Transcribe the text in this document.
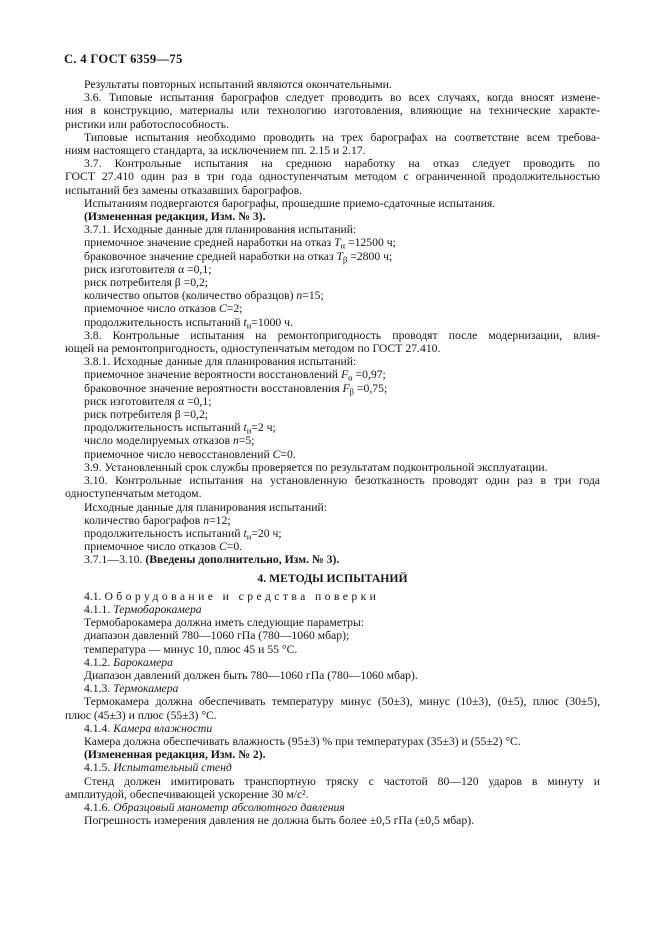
С. 4 ГОСТ 6359—75
Результаты повторных испытаний являются окончательными.
3.6. Типовые испытания барографов следует проводить во всех случаях, когда вносят измене-
ния в конструкцию, материалы или технологию изготовления, влияющие на технические характе-
ристики или работоспособность.
Типовые испытания необходимо проводить на трех барографах на соответствие всем требова-
ниям настоящего стандарта, за исключением пп. 2.15 и 2.17.
3.7. Контрольные испытания на среднюю наработку на отказ следует проводить по
ГОСТ 27.410 один раз в три года одноступенчатым методом с ограниченной продолжительностью
испытаний без замены отказавших барографов.
Испытаниям подвергаются барографы, прошедшие приемо-сдаточные испытания.
(Измененная редакция, Изм. № 3).
3.7.1. Исходные данные для планирования испытаний:
приемочное значение средней наработки на отказ $T_\alpha =12500$ ч;
браковочное значение средней наработки на отказ $T_\beta =2800$ ч;
риск изготовителя α =0,1;
риск потребителя β =0,2;
количество опытов (количество образцов) n=15;
приемочное число отказов C=2;
продолжительность испытаний $t_и=1000$ ч.
3.8. Контрольные испытания на ремонтопригодность проводят после модернизации, влия-
ющей на ремонтопригодность, одноступенчатым методом по ГОСТ 27.410.
3.8.1. Исходные данные для планирования испытаний:
приемочное значение вероятности восстановлений $F_\alpha =0,97$;
браковочное значение вероятности восстановления $F_\beta =0,75$;
риск изготовителя α =0,1;
риск потребителя β =0,2;
продолжительность испытаний $t_и=2$ ч;
число моделируемых отказов n=5;
приемочное число невосстановлений C=0.
3.9. Установленный срок службы проверяется по результатам подконтрольной эксплуатации.
3.10. Контрольные испытания на установленную безотказность проводят один раз в три года
одноступенчатым методом.
Исходные данные для планирования испытаний:
количество барографов n=12;
продолжительность испытаний $t_и=20$ ч;
приемочное число отказов C=0.
3.7.1—3.10. (Введены дополнительно, Изм. № 3).
4. МЕТОДЫ ИСПЫТАНИЙ
4.1. Оборудование и средства поверки
4.1.1. Термобарокамера
Термобарокамера должна иметь следующие параметры:
диапазон давлений 780—1060 гПа (780—1060 мбар);
температура — минус 10, плюс 45 и 55 °С.
4.1.2. Барокамера
Диапазон давлений должен быть 780—1060 гПа (780—1060 мбар).
4.1.3. Термокамера
Термокамера должна обеспечивать температуру минус (50±3), минус (10±3), (0±5), плюс (30±5),
плюс (45±3) и плюс (55±3) °С.
4.1.4. Камера влажности
Камера должна обеспечивать влажность (95±3) % при температурах (35±3) и (55±2) °С.
(Измененная редакция, Изм. № 2).
4.1.5. Испытательный стенд
Стенд должен имитировать транспортную тряску с частотой 80—120 ударов в минуту и
амплитудой, обеспечивающей ускорение 30 м/с².
4.1.6. Образцовый манометр абсолютного давления
Погрешность измерения давления не должна быть более ±0,5 гПа (±0,5 мбар).
